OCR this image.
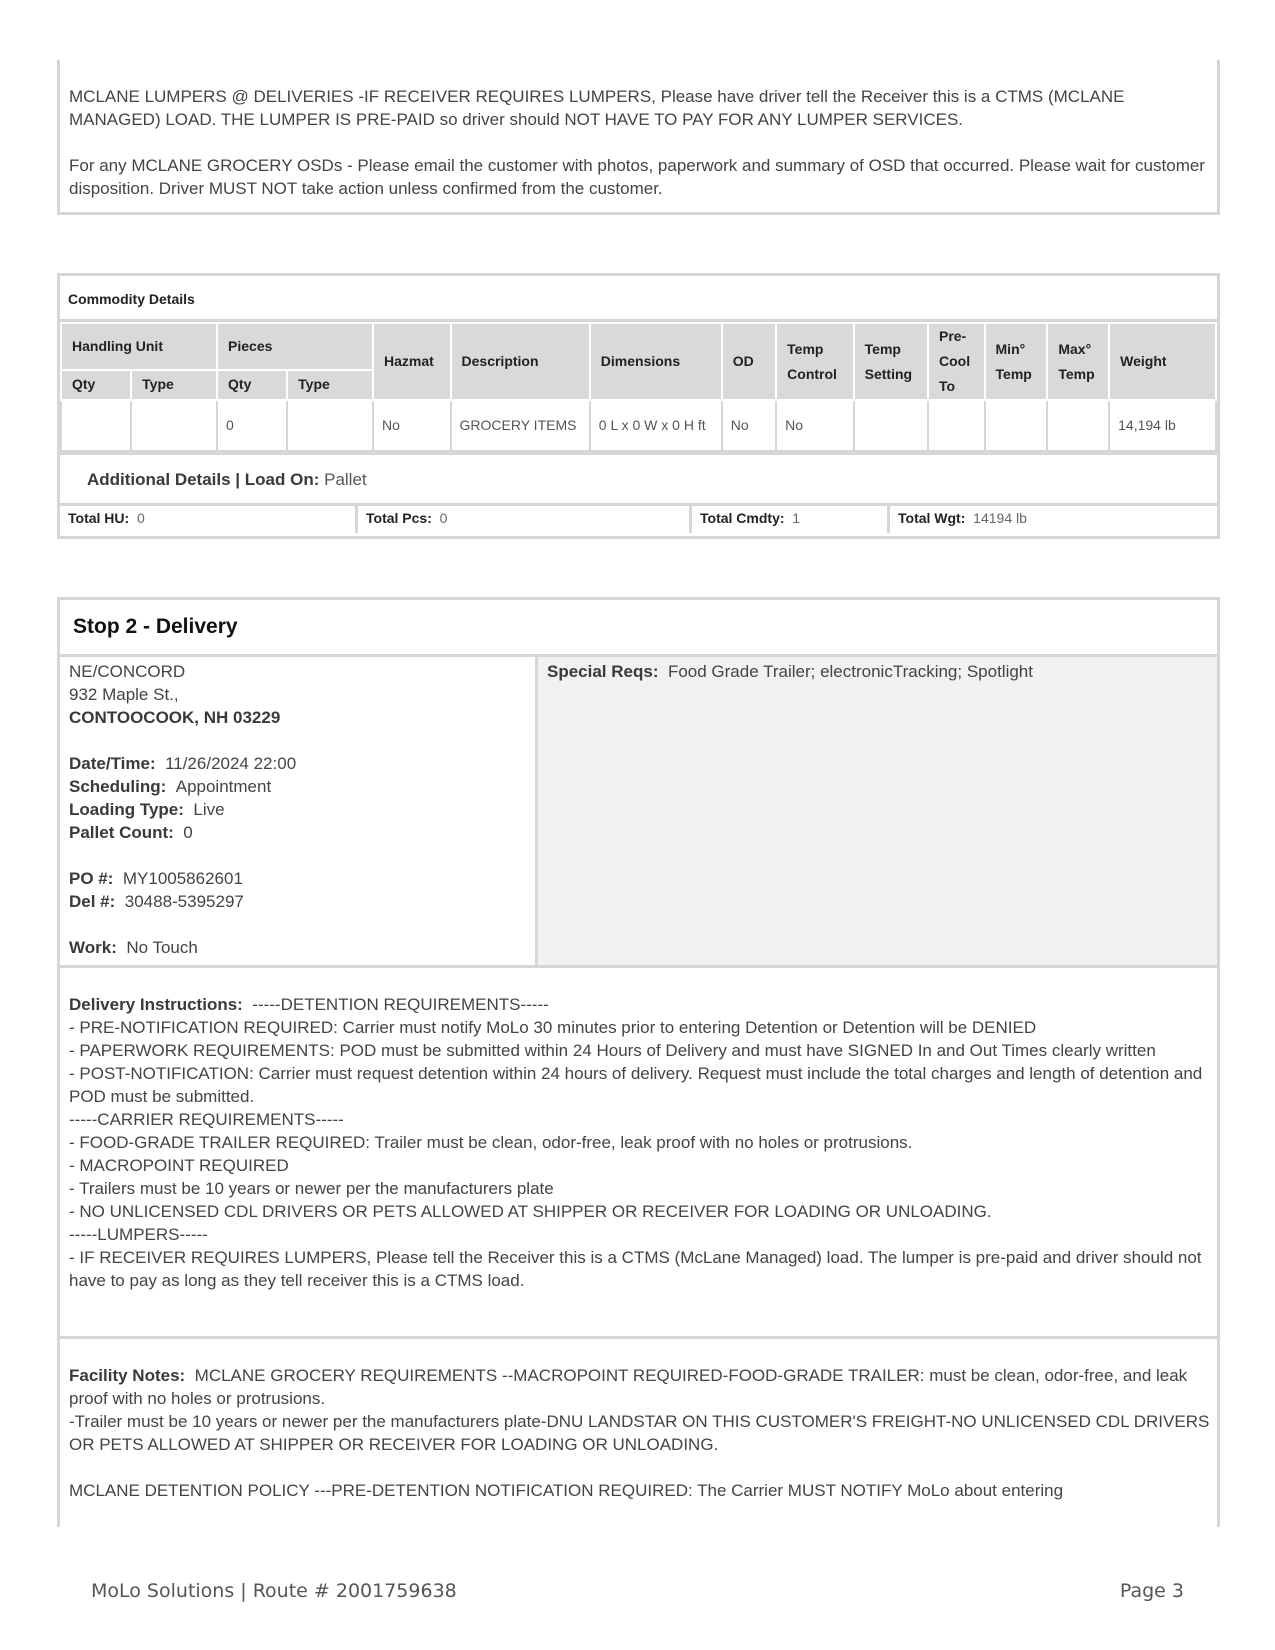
MCLANE LUMPERS @ DELIVERIES -IF RECEIVER REQUIRES LUMPERS, Please have driver tell the Receiver this is a CTMS (MCLANE MANAGED) LOAD. THE LUMPER IS PRE-PAID so driver should NOT HAVE TO PAY FOR ANY LUMPER SERVICES.

For any MCLANE GROCERY OSDs - Please email the customer with photos, paperwork and summary of OSD that occurred. Please wait for customer disposition. Driver MUST NOT take action unless confirmed from the customer.

Commodity Details
Handling Unit		Pieces		Hazmat	Description	Dimensions	OD	Temp Control	Temp Setting	Pre- Cool To	Min° Temp	Max° Temp	Weight
Qty	Type	Qty	Type										
		0		No	GROCERY ITEMS	0 L x 0 W x 0 H ft	No	No					14,194 lb
Additional Details | Load On: Pallet
Total HU: 0	Total Pcs: 0	Total Cmdty: 1	Total Wgt: 14194 lb
Stop 2 - Delivery

NE/CONCORD

932 Maple St.,

CONTOOCOOK, NH 03229

Date/Time: 11/26/2024 22:00

Scheduling: Appointment

Loading Type: Live

Pallet Count: 0

PO #: MY1005862601

Del #: 30488-5395297

Work: No Touch

Special Reqs: Food Grade Trailer; electronicTracking; Spotlight

Delivery Instructions: -----DETENTION REQUIREMENTS-----

- PRE-NOTIFICATION REQUIRED: Carrier must notify MoLo 30 minutes prior to entering Detention or Detention will be DENIED

- PAPERWORK REQUIREMENTS: POD must be submitted within 24 Hours of Delivery and must have SIGNED In and Out Times clearly written

- POST-NOTIFICATION: Carrier must request detention within 24 hours of delivery. Request must include the total charges and length of detention and POD must be submitted.

-----CARRIER REQUIREMENTS-----

- FOOD-GRADE TRAILER REQUIRED: Trailer must be clean, odor-free, leak proof with no holes or protrusions.

- MACROPOINT REQUIRED

- Trailers must be 10 years or newer per the manufacturers plate

- NO UNLICENSED CDL DRIVERS OR PETS ALLOWED AT SHIPPER OR RECEIVER FOR LOADING OR UNLOADING.

-----LUMPERS-----

- IF RECEIVER REQUIRES LUMPERS, Please tell the Receiver this is a CTMS (McLane Managed) load. The lumper is pre-paid and driver should not have to pay as long as they tell receiver this is a CTMS load.

Facility Notes: MCLANE GROCERY REQUIREMENTS --MACROPOINT REQUIRED-FOOD-GRADE TRAILER: must be clean, odor-free, and leak proof with no holes or protrusions.

-Trailer must be 10 years or newer per the manufacturers plate-DNU LANDSTAR ON THIS CUSTOMER'S FREIGHT-NO UNLICENSED CDL DRIVERS OR PETS ALLOWED AT SHIPPER OR RECEIVER FOR LOADING OR UNLOADING.

MCLANE DETENTION POLICY ---PRE-DETENTION NOTIFICATION REQUIRED: The Carrier MUST NOTIFY MoLo about entering

MoLo Solutions | Route # 2001759638	Page 3
